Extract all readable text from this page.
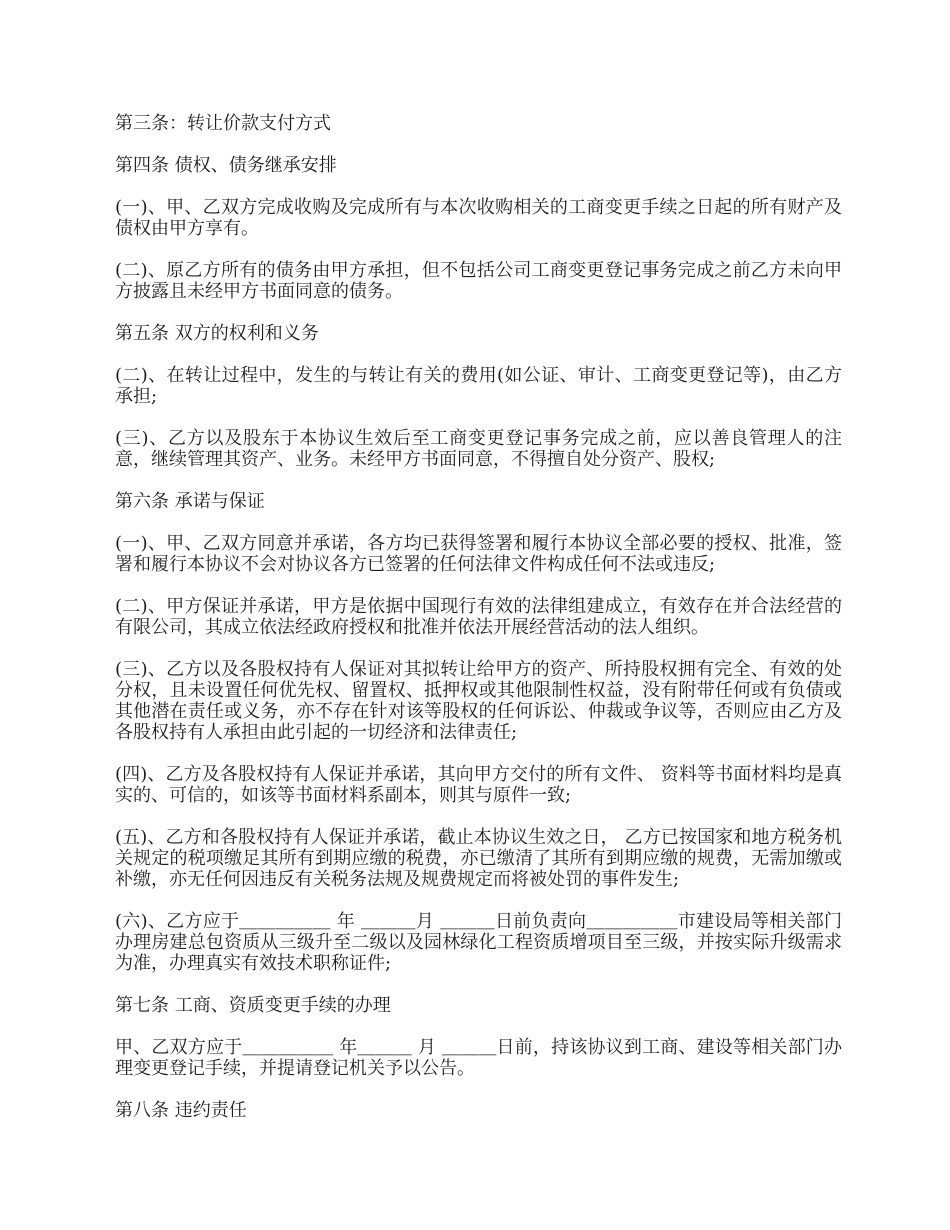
第三条：转让价款支付方式

第四条 债权、债务继承安排

(一)、甲、乙双方完成收购及完成所有与本次收购相关的工商变更手续之日起的所有财产及债权由甲方享有。

(二)、原乙方所有的债务由甲方承担，但不包括公司工商变更登记事务完成之前乙方未向甲方披露且未经甲方书面同意的债务。

第五条 双方的权利和义务

(二)、在转让过程中，发生的与转让有关的费用(如公证、审计、工商变更登记等)，由乙方承担;

(三)、乙方以及股东于本协议生效后至工商变更登记事务完成之前，应以善良管理人的注意，继续管理其资产、业务。未经甲方书面同意，不得擅自处分资产、股权;

第六条 承诺与保证

(一)、甲、乙双方同意并承诺，各方均已获得签署和履行本协议全部必要的授权、批准，签署和履行本协议不会对协议各方已签署的任何法律文件构成任何不法或违反;

(二)、甲方保证并承诺，甲方是依据中国现行有效的法律组建成立，有效存在并合法经营的有限公司，其成立依法经政府授权和批准并依法开展经营活动的法人组织。

(三)、乙方以及各股权持有人保证对其拟转让给甲方的资产、所持股权拥有完全、有效的处分权，且未设置任何优先权、留置权、抵押权或其他限制性权益，没有附带任何或有负债或其他潜在责任或义务，亦不存在针对该等股权的任何诉讼、仲裁或争议等，否则应由乙方及各股权持有人承担由此引起的一切经济和法律责任;

(四)、乙方及各股权持有人保证并承诺，其向甲方交付的所有文件、 资料等书面材料均是真实的、可信的，如该等书面材料系副本，则其与原件一致;

(五)、乙方和各股权持有人保证并承诺，截止本协议生效之日， 乙方已按国家和地方税务机关规定的税项缴足其所有到期应缴的税费，亦已缴清了其所有到期应缴的规费，无需加缴或补缴，亦无任何因违反有关税务法规及规费规定而将被处罚的事件发生;

(六)、乙方应于＿＿＿＿＿ 年 ＿＿＿月 ＿＿＿日前负责向＿＿＿＿＿市建设局等相关部门办理房建总包资质从三级升至二级以及园林绿化工程资质增项目至三级，并按实际升级需求为准，办理真实有效技术职称证件;

第七条 工商、资质变更手续的办理

甲、乙双方应于＿＿＿＿＿ 年＿＿＿ 月 ＿＿＿日前，持该协议到工商、建设等相关部门办理变更登记手续，并提请登记机关予以公告。

第八条 违约责任
